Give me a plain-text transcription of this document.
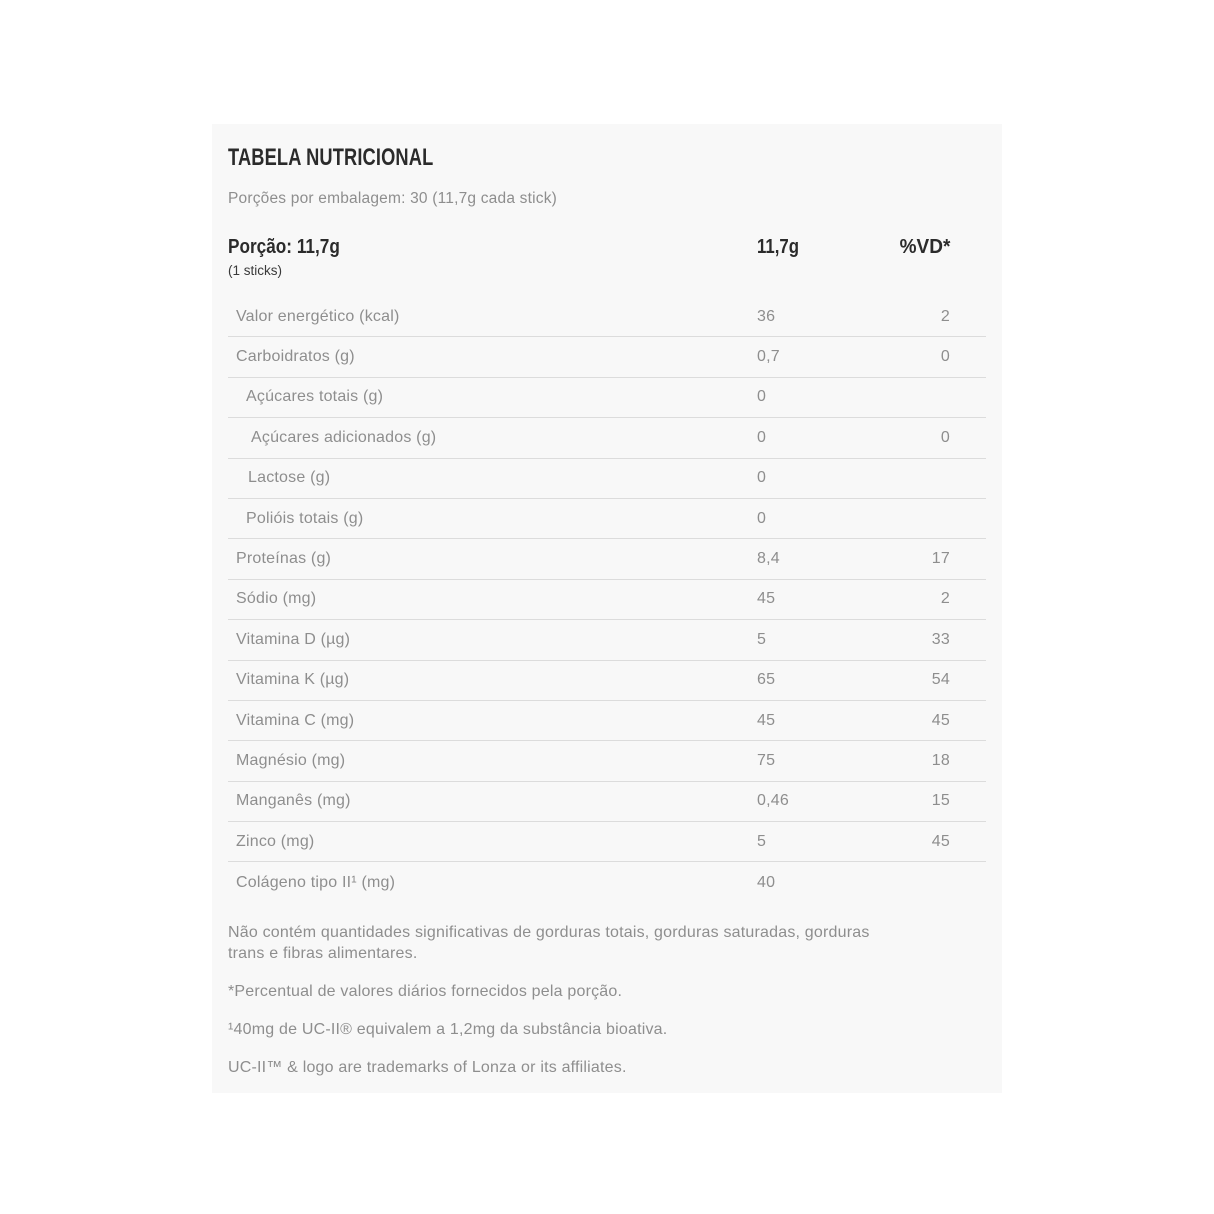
TABELA NUTRICIONAL

Porções por embalagem: 30 (11,7g cada stick)

Porção: 11,7g
(1 sticks)
11,7g	%VD*
Valor energético (kcal)	36	2
Carboidratos (g)	0,7	0
Açúcares totais (g)	0
Açúcares adicionados (g)	0	0
Lactose (g)	0
Polióis totais (g)	0
Proteínas (g)	8,4	17
Sódio (mg)	45	2
Vitamina D (µg)	5	33
Vitamina K (µg)	65	54
Vitamina C (mg)	45	45
Magnésio (mg)	75	18
Manganês (mg)	0,46	15
Zinco (mg)	5	45
Colágeno tipo II¹ (mg)	40

Não contém quantidades significativas de gorduras totais, gorduras saturadas, gorduras trans e fibras alimentares.

*Percentual de valores diários fornecidos pela porção.

¹40mg de UC-II® equivalem a 1,2mg da substância bioativa.

UC-II™ & logo are trademarks of Lonza or its affiliates.
